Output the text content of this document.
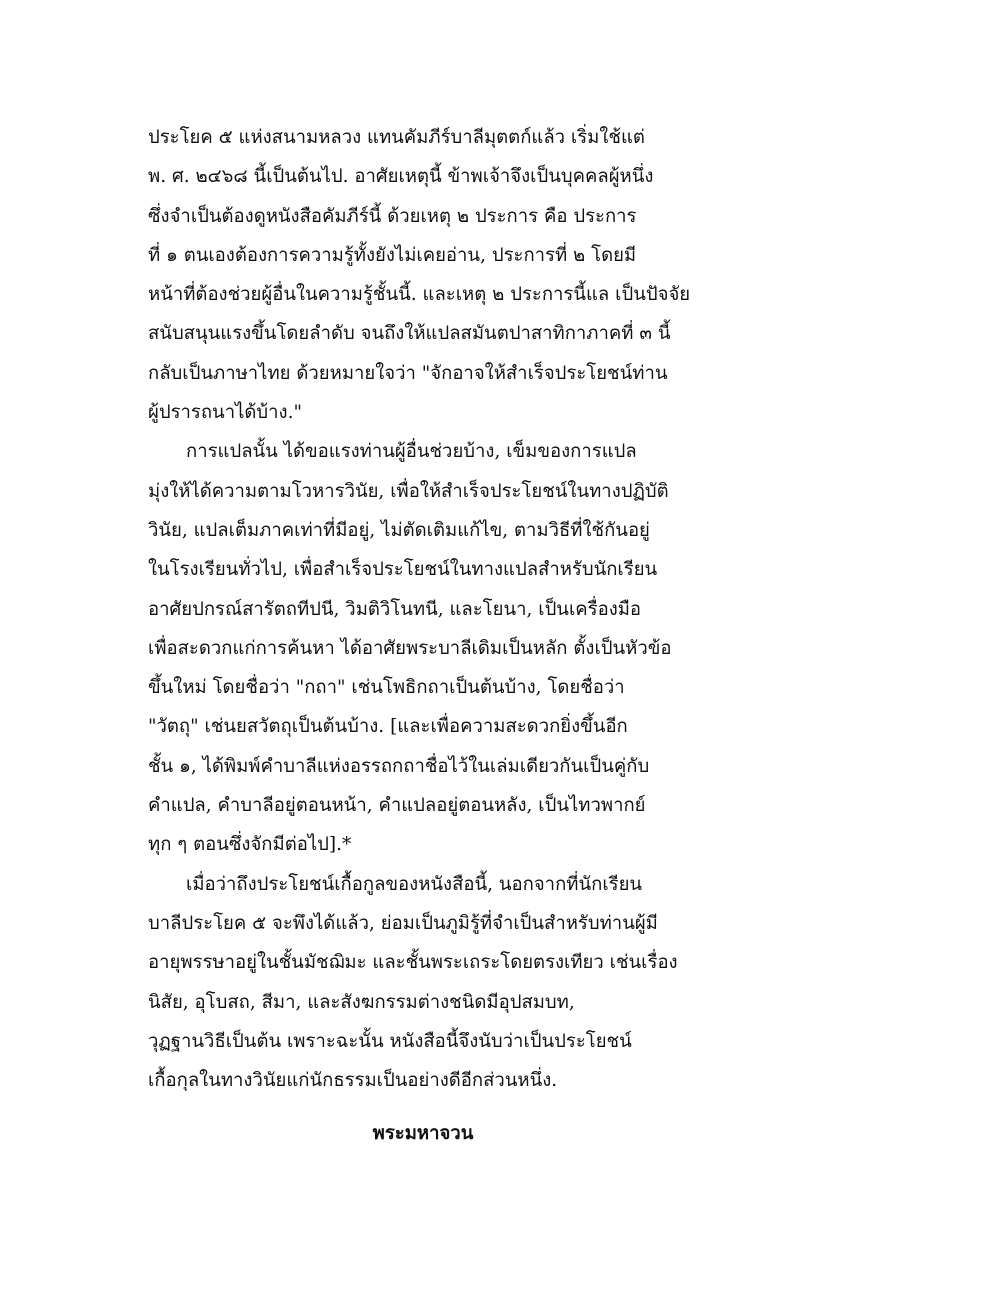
ประโยค ๕ แห่งสนามหลวง แทนคัมภีร์บาลีมุตตก์แล้ว เริ่มใช้แต่
พ. ศ. ๒๔๖๘ นี้เป็นต้นไป. อาศัยเหตุนี้ ข้าพเจ้าจึงเป็นบุคคลผู้หนึ่ง
ซึ่งจำเป็นต้องดูหนังสือคัมภีร์นี้ ด้วยเหตุ ๒ ประการ คือ ประการ
ที่ ๑ ตนเองต้องการความรู้ทั้งยังไม่เคยอ่าน, ประการที่ ๒ โดยมี
หน้าที่ต้องช่วยผู้อื่นในความรู้ชั้นนี้. และเหตุ ๒ ประการนี้แล เป็นปัจจัย
สนับสนุนแรงขึ้นโดยลำดับ จนถึงให้แปลสมันตปาสาทิกาภาคที่ ๓ นี้
กลับเป็นภาษาไทย ด้วยหมายใจว่า "จักอาจให้สำเร็จประโยชน์ท่าน
ผู้ปรารถนาได้บ้าง."
การแปลนั้น ได้ขอแรงท่านผู้อื่นช่วยบ้าง, เข็มของการแปล
มุ่งให้ได้ความตามโวหารวินัย, เพื่อให้สำเร็จประโยชน์ในทางปฏิบัติ
วินัย, แปลเต็มภาคเท่าที่มีอยู่, ไม่ตัดเติมแก้ไข, ตามวิธีที่ใช้กันอยู่
ในโรงเรียนทั่วไป, เพื่อสำเร็จประโยชน์ในทางแปลสำหรับนักเรียน
อาศัยปกรณ์สารัตถทีปนี, วิมติวิโนทนี, และโยนา, เป็นเครื่องมือ
เพื่อสะดวกแก่การค้นหา ได้อาศัยพระบาลีเดิมเป็นหลัก ตั้งเป็นหัวข้อ
ขึ้นใหม่ โดยชื่อว่า "กถา" เช่นโพธิกถาเป็นต้นบ้าง, โดยชื่อว่า
"วัตถุ" เช่นยสวัตถุเป็นต้นบ้าง. [และเพื่อความสะดวกยิ่งขึ้นอีก
ชั้น ๑, ได้พิมพ์คำบาลีแห่งอรรถกถาชื่อไว้ในเล่มเดียวกันเป็นคู่กับ
คำแปล, คำบาลีอยู่ตอนหน้า, คำแปลอยู่ตอนหลัง, เป็นไทวพากย์
ทุก ๆ ตอนซึ่งจักมีต่อไป].*
เมื่อว่าถึงประโยชน์เกื้อกูลของหนังสือนี้, นอกจากที่นักเรียน
บาลีประโยค ๕ จะพึงได้แล้ว, ย่อมเป็นภูมิรู้ที่จำเป็นสำหรับท่านผู้มี
อายุพรรษาอยู่ในชั้นมัชฌิมะ และชั้นพระเถระโดยตรงเทียว เช่นเรื่อง
นิสัย, อุโบสถ, สีมา, และสังฆกรรมต่างชนิดมีอุปสมบท,
วุฏฐานวิธีเป็นต้น เพราะฉะนั้น หนังสือนี้จึงนับว่าเป็นประโยชน์
เกื้อกุลในทางวินัยแก่นักธรรมเป็นอย่างดีอีกส่วนหนึ่ง.
พระมหาจวน
